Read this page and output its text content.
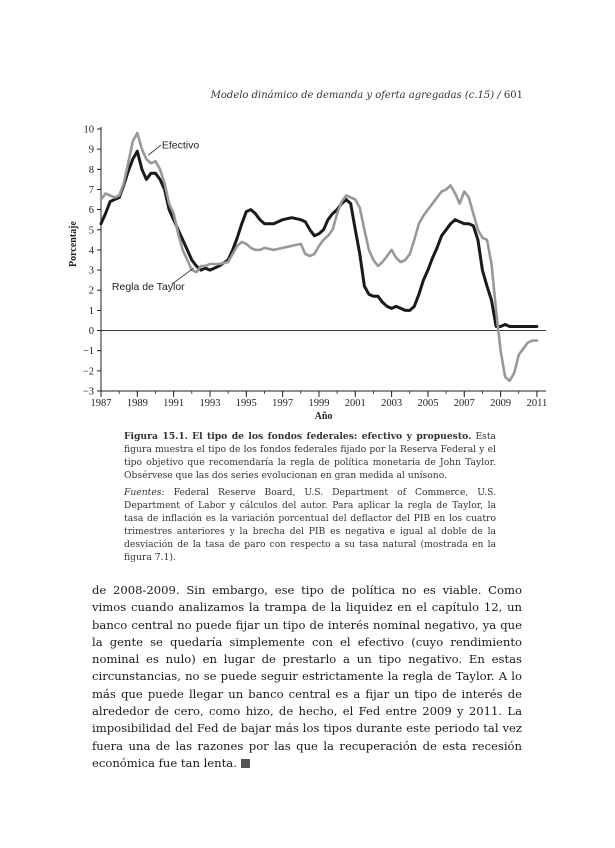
Modelo dinámico de demanda y oferta agregadas (c.15) / 601
10
9
8
7
6
5
4
3
2
1
0
−1
−2
−3
1987 1989 1991 1993 1995 1997 1999 2001 2003 2005 2007 2009 2011
Año
Porcentaje
Efectivo
Regla de Taylor

Figura 15.1. El tipo de los fondos federales: efectivo y propuesto. Esta figura muestra el tipo de los fondos federales fijado por la Reserva Federal y el tipo objetivo que recomendaría la regla de política monetaria de John Taylor. Obsérvese que las dos series evolucionan en gran medida al unísono.

Fuentes: Federal Reserve Board, U.S. Department of Commerce, U.S. Department of Labor y cálculos del autor. Para aplicar la regla de Taylor, la tasa de inflación es la variación porcentual del deflactor del PIB en los cuatro trimestres anteriores y la brecha del PIB es negativa e igual al doble de la desviación de la tasa de paro con respecto a su tasa natural (mostrada en la figura 7.1).

de 2008-2009. Sin embargo, ese tipo de política no es viable. Como vimos cuando analizamos la trampa de la liquidez en el capítulo 12, un banco central no puede fijar un tipo de interés nominal negativo, ya que la gente se quedaría simplemente con el efectivo (cuyo rendimiento nominal es nulo) en lugar de prestarlo a un tipo negativo. En estas circunstancias, no se puede seguir estrictamente la regla de Taylor. A lo más que puede llegar un banco central es a fijar un tipo de interés de alrededor de cero, como hizo, de hecho, el Fed entre 2009 y 2011. La imposibilidad del Fed de bajar más los tipos durante este periodo tal vez fuera una de las razones por las que la recuperación de esta recesión económica fue tan lenta.
